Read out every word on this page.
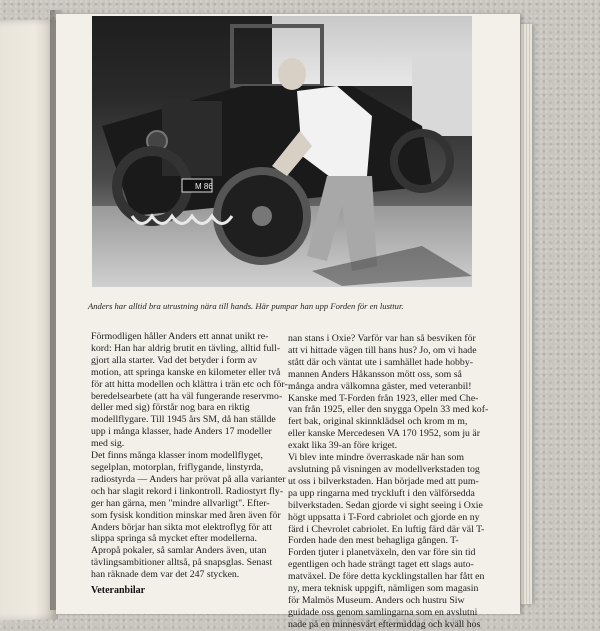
M 86
Anders har alltid bra utrustning nära till hands. Här pumpar han upp Forden för en lusttur.
Förmodligen håller Anders ett annat unikt re-
kord: Han har aldrig brutit en tävling, alltid full-
gjort alla starter. Vad det betyder i form av
motion, att springa kanske en kilometer eller två
för att hitta modellen och klättra i trän etc och för-
beredelsearbete (att ha väl fungerande reservmo-
deller med sig) förstår nog bara en riktig
modellflygare. Till 1945 års SM, då han ställde
upp i många klasser, hade Anders 17 modeller
med sig.
Det finns många klasser inom modellflyget,
segelplan, motorplan, friflygande, linstyrda,
radiostyrda — Anders har prövat på alla varianter
och har slagit rekord i linkontroll. Radiostyrt fly-
ger han gärna, men "mindre allvarligt". Efter-
som fysisk kondition minskar med åren även för
Anders börjar han sikta mot elektroflyg för att
slippa springa så mycket efter modellerna.
Apropå pokaler, så samlar Anders även, utan
tävlingsambitioner alltså, på snapsglas. Senast
han räknade dem var det 247 stycken.
nan stans i Oxie? Varför var han så besviken för
att vi hittade vägen till hans hus? Jo, om vi hade
stått där och väntat ute i samhället hade hobby-
mannen Anders Håkansson mött oss, som så
många andra välkomna gäster, med veteranbil!
Kanske med T-Forden från 1923, eller med Che-
van från 1925, eller den snygga Opeln 33 med kof-
fert bak, original skinnklädsel och krom m m,
eller kanske Mercedesen VA 170 1952, som ju är
exakt lika 39-an före kriget.
Vi blev inte mindre överraskade när han som
avslutning på visningen av modellverkstaden tog
ut oss i bilverkstaden. Han började med att pum-
pa upp ringarna med tryckluft i den välförsedda
bilverkstaden. Sedan gjorde vi sight seeing i Oxie
högt uppsatta i T-Ford cabriolet och gjorde en ny
färd i Chevrolet cabriolet. En luftig färd där väl T-
Forden hade den mest behagliga gången. T-
Forden tjuter i planetväxeln, den var före sin tid
egentligen och hade strängt taget ett slags auto-
matväxel. De före detta kycklingstallen har fått en
ny, mera teknisk uppgift, nämligen som magasin
för Malmös Museum. Anders och hustru Siw
guidade oss genom samlingarna som en avslutni
nade på en minnesvärt eftermiddag och kväll hos
Veteranbilar
